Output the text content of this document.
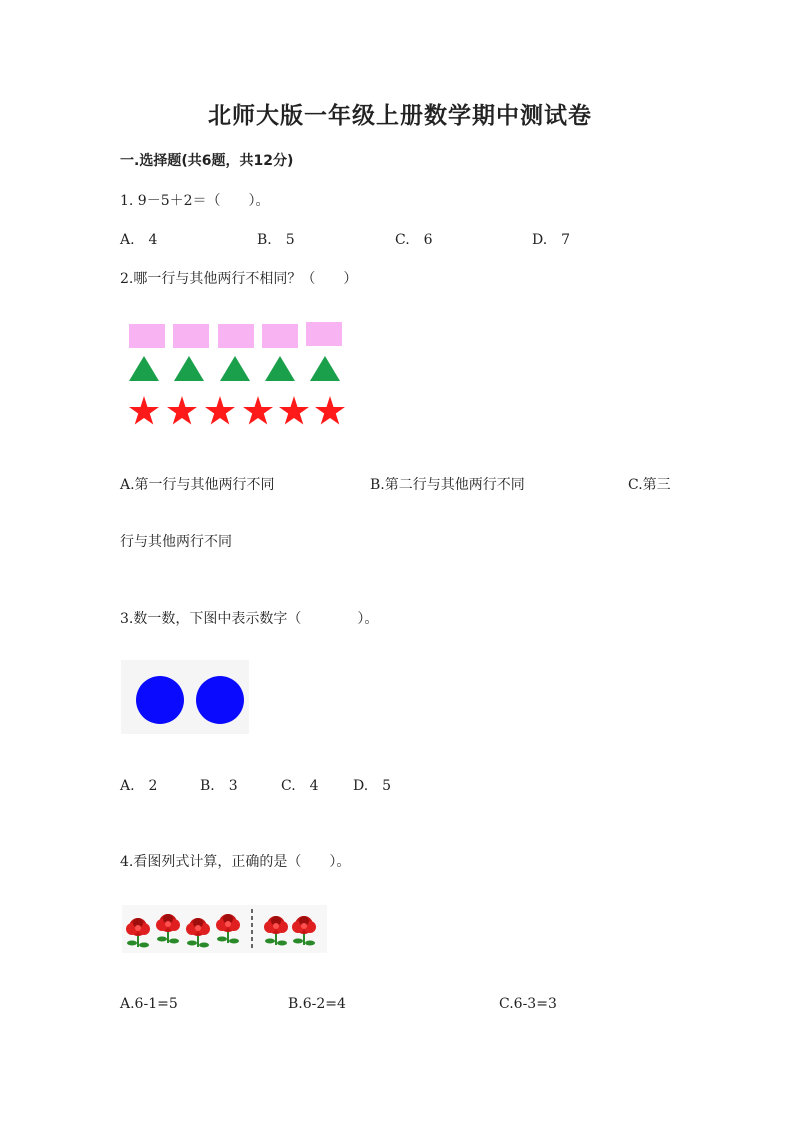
北师大版一年级上册数学期中测试卷
一.选择题(共6题，共12分)
1. 9－5＋2＝（　　）。
A.　4	B.　5	C.　6	D.　7
2.哪一行与其他两行不相同？（　　）
A.第一行与其他两行不同	B.第二行与其他两行不同	C.第三
行与其他两行不同
3.数一数，下图中表示数字（　　　　）。
A.　2	B.　3	C.　4 D.　5
4.看图列式计算，正确的是（　　）。
A.6-1=5	B.6-2=4	C.6-3=3
